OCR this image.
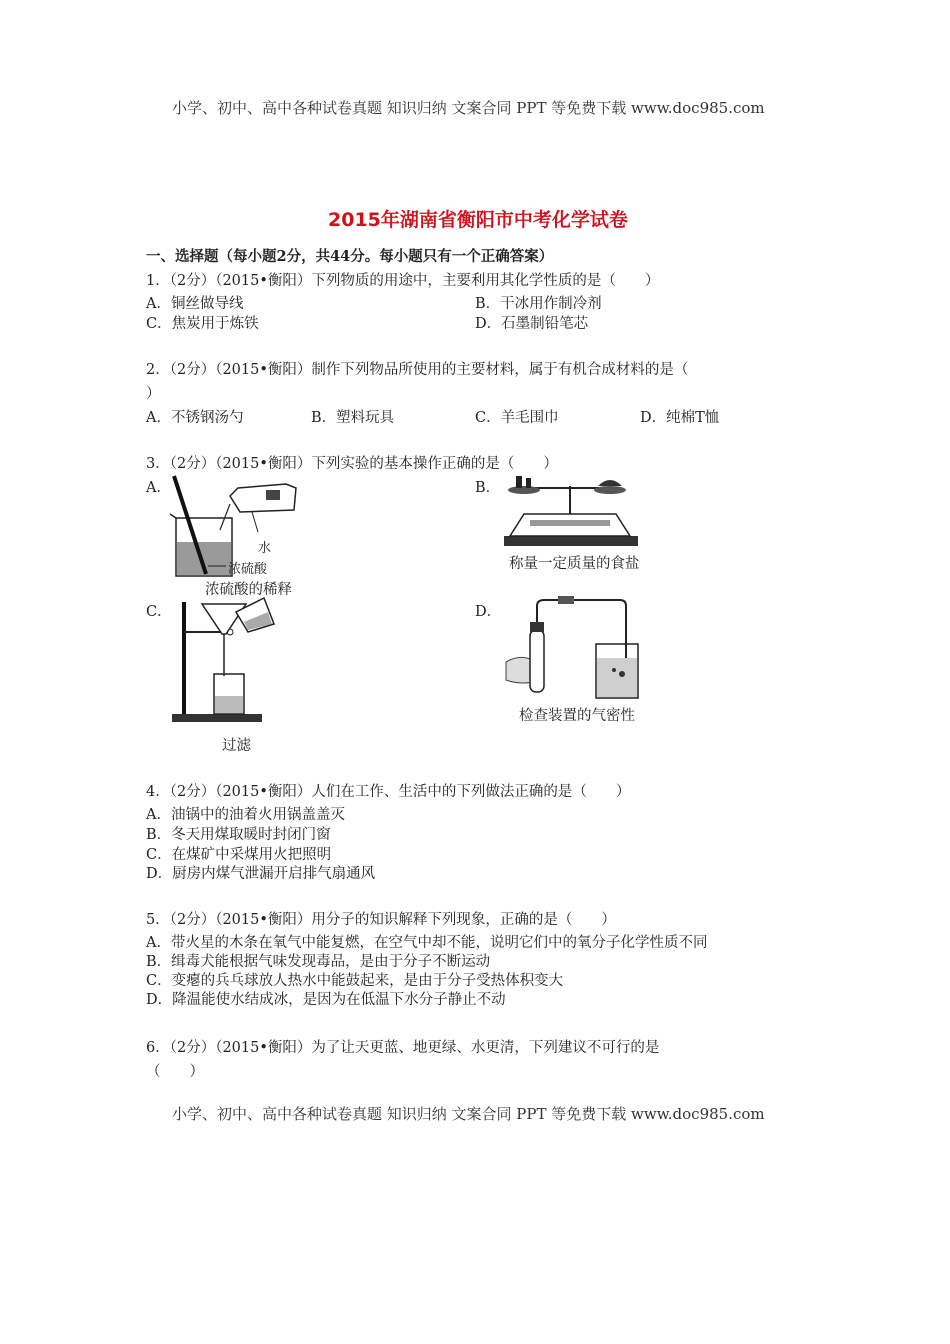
小学、初中、高中各种试卷真题 知识归纳 文案合同 PPT 等免费下载 www.doc985.com
2015年湖南省衡阳市中考化学试卷
一、选择题（每小题2分，共44分。每小题只有一个正确答案）
1．（2分）（2015•衡阳）下列物质的用途中，主要利用其化学性质的是（　　）
A．铜丝做导线	B．干冰用作制冷剂
C．焦炭用于炼铁	D．石墨制铅笔芯
2．（2分）（2015•衡阳）制作下列物品所使用的主要材料，属于有机合成材料的是（
）
A．不锈钢汤勺	B．塑料玩具	C．羊毛围巾	D．纯棉T恤
3．（2分）（2015•衡阳）下列实验的基本操作正确的是（　　）
A．	B．
水
浓硫酸
浓硫酸的稀释
称量一定质量的食盐
C．	D．
过滤
检查装置的气密性
4．（2分）（2015•衡阳）人们在工作、生活中的下列做法正确的是（　　）
A．油锅中的油着火用锅盖盖灭
B．冬天用煤取暖时封闭门窗
C．在煤矿中采煤用火把照明
D．厨房内煤气泄漏开启排气扇通风
5．（2分）（2015•衡阳）用分子的知识解释下列现象，正确的是（　　）
A．带火星的木条在氧气中能复燃，在空气中却不能，说明它们中的氧分子化学性质不同
B．缉毒犬能根据气味发现毒品，是由于分子不断运动
C．变瘪的兵乓球放人热水中能鼓起来，是由于分子受热体积变大
D．降温能使水结成冰，是因为在低温下水分子静止不动
6．（2分）（2015•衡阳）为了让天更蓝、地更绿、水更清，下列建议不可行的是
（　　）
小学、初中、高中各种试卷真题 知识归纳 文案合同 PPT 等免费下载 www.doc985.com
